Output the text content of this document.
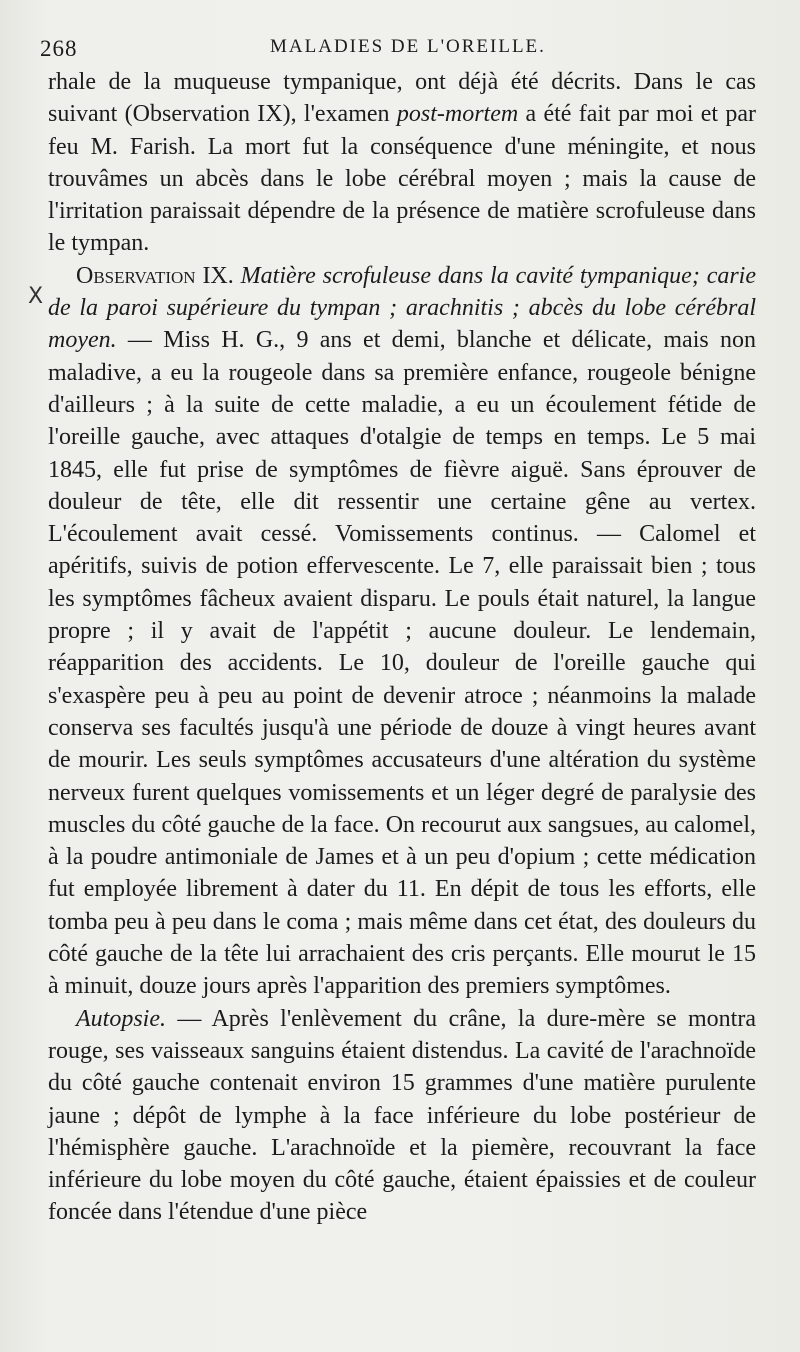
268	MALADIES DE L'OREILLE.
X

rhale de la muqueuse tympanique, ont déjà été décrits. Dans le cas suivant (Observation IX), l'examen post-mortem a été fait par moi et par feu M. Farish. La mort fut la conséquence d'une méningite, et nous trouvâmes un abcès dans le lobe cérébral moyen ; mais la cause de l'irritation paraissait dépendre de la présence de matière scrofuleuse dans le tympan.

Observation IX. Matière scrofuleuse dans la cavité tympanique; carie de la paroi supérieure du tympan ; arachnitis ; abcès du lobe cérébral moyen. — Miss H. G., 9 ans et demi, blanche et délicate, mais non maladive, a eu la rougeole dans sa première enfance, rougeole bénigne d'ailleurs ; à la suite de cette maladie, a eu un écoulement fétide de l'oreille gauche, avec attaques d'otalgie de temps en temps. Le 5 mai 1845, elle fut prise de symptômes de fièvre aiguë. Sans éprouver de douleur de tête, elle dit ressentir une certaine gêne au vertex. L'écoulement avait cessé. Vomissements continus. — Calomel et apéritifs, suivis de potion effervescente. Le 7, elle paraissait bien ; tous les symptômes fâcheux avaient disparu. Le pouls était naturel, la langue propre ; il y avait de l'appétit ; aucune douleur. Le lendemain, réapparition des accidents. Le 10, douleur de l'oreille gauche qui s'exaspère peu à peu au point de devenir atroce ; néanmoins la malade conserva ses facultés jusqu'à une période de douze à vingt heures avant de mourir. Les seuls symptômes accusateurs d'une altération du système nerveux furent quelques vomissements et un léger degré de paralysie des muscles du côté gauche de la face. On recourut aux sangsues, au calomel, à la poudre antimoniale de James et à un peu d'opium ; cette médication fut employée librement à dater du 11. En dépit de tous les efforts, elle tomba peu à peu dans le coma ; mais même dans cet état, des douleurs du côté gauche de la tête lui arrachaient des cris perçants. Elle mourut le 15 à minuit, douze jours après l'apparition des premiers symptômes.

Autopsie. — Après l'enlèvement du crâne, la dure-mère se montra rouge, ses vaisseaux sanguins étaient distendus. La cavité de l'arachnoïde du côté gauche contenait environ 15 grammes d'une matière purulente jaune ; dépôt de lymphe à la face inférieure du lobe postérieur de l'hémisphère gauche. L'arachnoïde et la piemère, recouvrant la face inférieure du lobe moyen du côté gauche, étaient épaissies et de couleur foncée dans l'étendue d'une pièce
